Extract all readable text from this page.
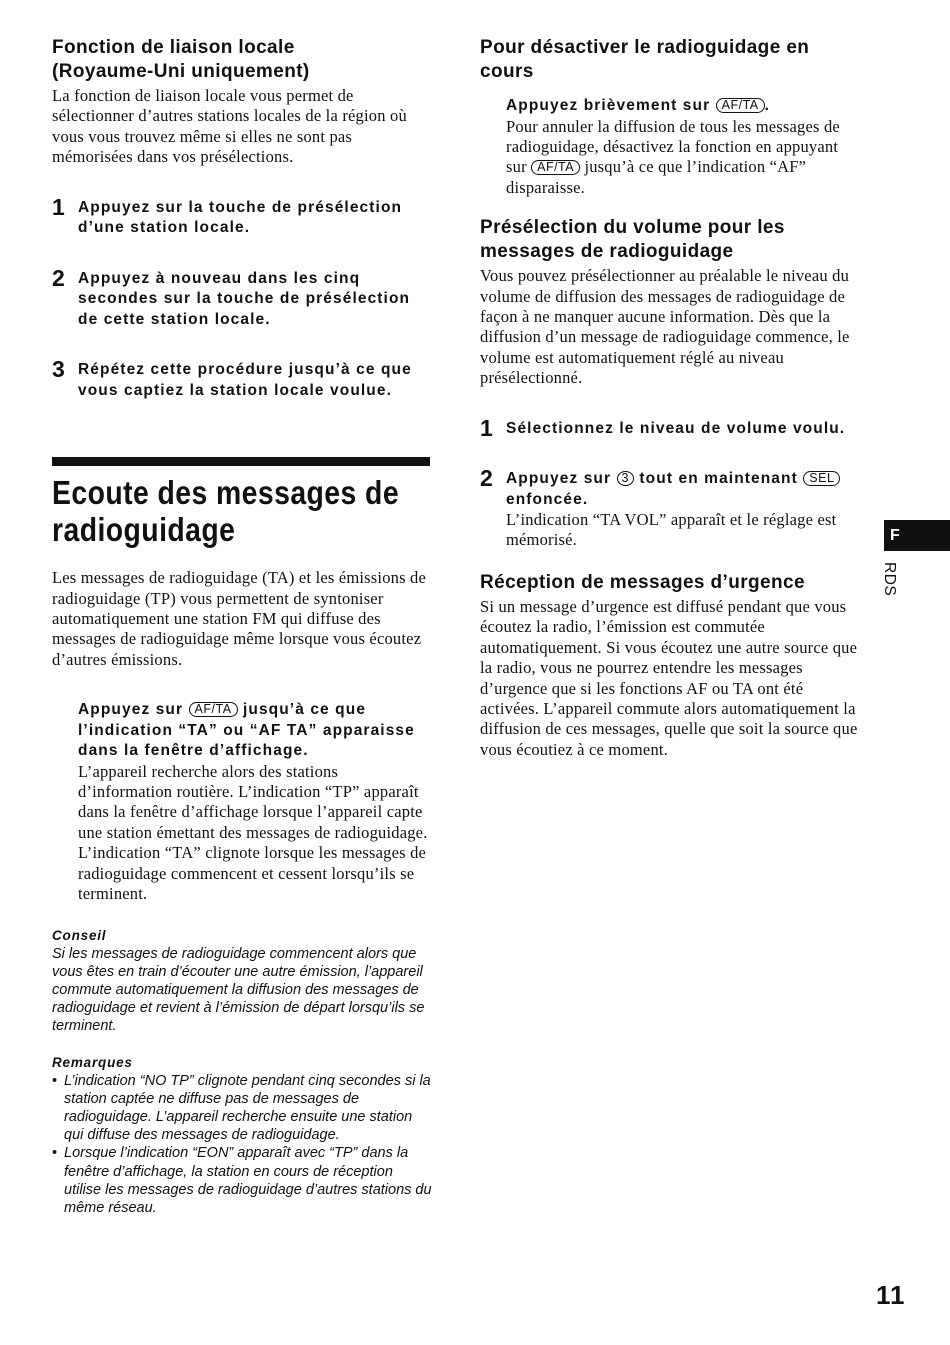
Fonction de liaison locale
(Royaume-Uni uniquement)

La fonction de liaison locale vous permet de sélectionner d’autres stations locales de la région où vous vous trouvez même si elles ne sont pas mémorisées dans vos présélections.

1 Appuyez sur la touche de présélection d’une station locale.
2 Appuyez à nouveau dans les cinq secondes sur la touche de présélection de cette station locale.
3 Répétez cette procédure jusqu’à ce que vous captiez la station locale voulue.
Ecoute des messages de
radioguidage

Les messages de radioguidage (TA) et les émissions de radioguidage (TP) vous permettent de syntoniser automatiquement une station FM qui diffuse des messages de radioguidage même lorsque vous écoutez d’autres émissions.

Appuyez sur AF/TA jusqu’à ce que l’indication “TA” ou “AF TA” apparaisse dans la fenêtre d’affichage.

L’appareil recherche alors des stations d’information routière. L’indication “TP” apparaît dans la fenêtre d’affichage lorsque l’appareil capte une station émettant des messages de radioguidage.

L’indication “TA” clignote lorsque les messages de radioguidage commencent et cessent lorsqu’ils se terminent.

Conseil

Si les messages de radioguidage commencent alors que vous êtes en train d’écouter une autre émission, l’appareil commute automatiquement la diffusion des messages de radioguidage et revient à l’émission de départ lorsqu’ils se terminent.

Remarques
• L’indication “NO TP” clignote pendant cinq secondes si la station captée ne diffuse pas de messages de radioguidage. L’appareil recherche ensuite une station qui diffuse des messages de radioguidage.
• Lorsque l’indication “EON” apparaît avec “TP” dans la fenêtre d’affichage, la station en cours de réception utilise les messages de radioguidage d’autres stations du même réseau.
Pour désactiver le radioguidage en
cours
Appuyez brièvement sur AF/TA .

Pour annuler la diffusion de tous les messages de radioguidage, désactivez la fonction en appuyant sur AF/TA jusqu’à ce que l’indication “AF” disparaisse.

Présélection du volume pour les
messages de radioguidage

Vous pouvez présélectionner au préalable le niveau du volume de diffusion des messages de radioguidage de façon à ne manquer aucune information. Dès que la diffusion d’un message de radioguidage commence, le volume est automatiquement réglé au niveau présélectionné.

1 Sélectionnez le niveau de volume voulu.
2 Appuyez sur 3 tout en maintenant SEL enfoncée.

L’indication “TA VOL” apparaît et le réglage est mémorisé.

Réception de messages d’urgence

Si un message d’urgence est diffusé pendant que vous écoutez la radio, l’émission est commutée automatiquement. Si vous écoutez une autre source que la radio, vous ne pourrez entendre les messages d’urgence que si les fonctions AF ou TA ont été activées. L’appareil commute alors automatiquement la diffusion de ces messages, quelle que soit la source que vous écoutiez à ce moment.

F
RDS
11
